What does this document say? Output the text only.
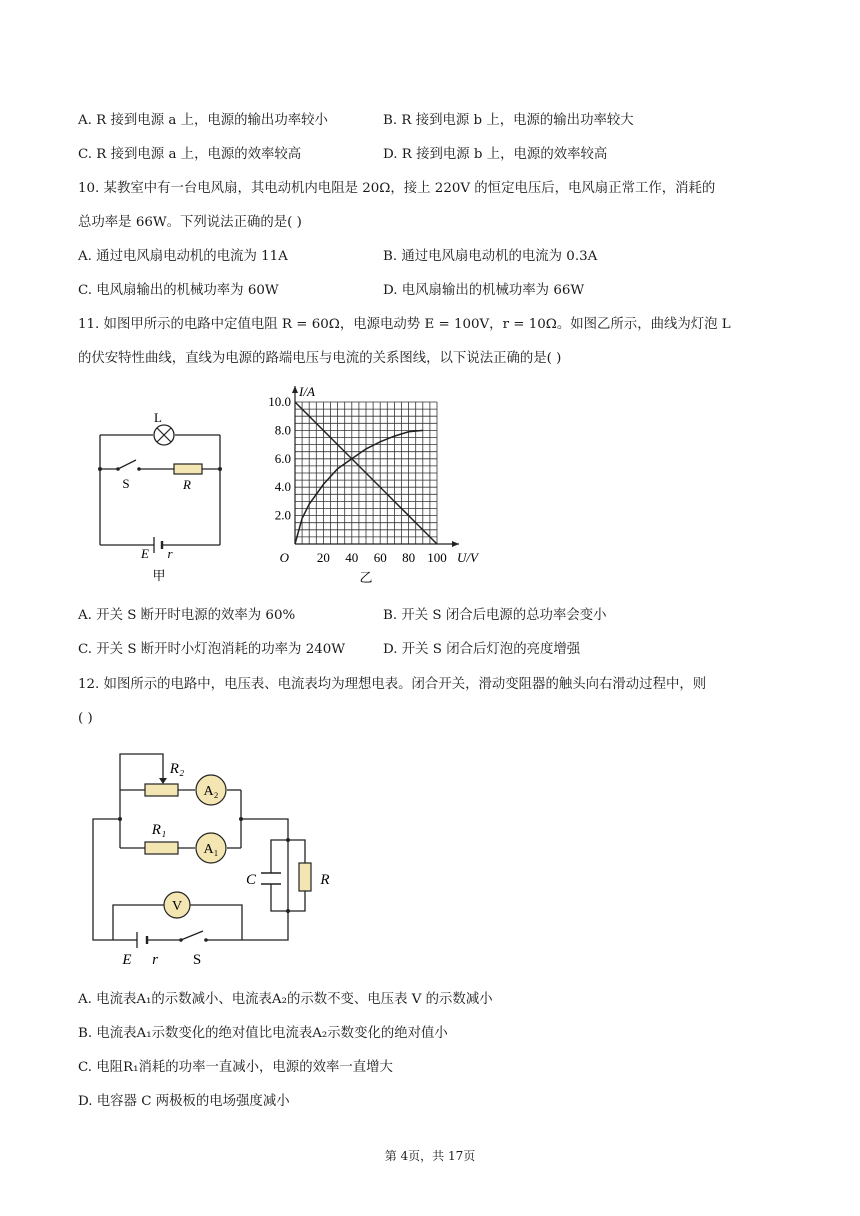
A. R 接到电源 a 上，电源的输出功率较小	B. R 接到电源 b 上，电源的输出功率较大
C. R 接到电源 a 上，电源的效率较高	D. R 接到电源 b 上，电源的效率较高
10. 某教室中有一台电风扇，其电动机内电阻是 20Ω，接上 220V 的恒定电压后，电风扇正常工作，消耗的
总功率是 66W。下列说法正确的是( )
A. 通过电风扇电动机的电流为 11A	B. 通过电风扇电动机的电流为 0.3A
C. 电风扇输出的机械功率为 60W	D. 电风扇输出的机械功率为 66W
11. 如图甲所示的电路中定值电阻 R = 60Ω，电源电动势 E = 100V，r = 10Ω。如图乙所示，曲线为灯泡 L
的伏安特性曲线，直线为电源的路端电压与电流的关系图线，以下说法正确的是( )
L
S	R
E r
甲
2.0
4.0
6.0
8.0
10.0
20 40 60 80 100
O
I/A
U/V
乙
A. 开关 S 断开时电源的效率为 60%	B. 开关 S 闭合后电源的总功率会变小
C. 开关 S 断开时小灯泡消耗的功率为 240W	D. 开关 S 闭合后灯泡的亮度增强
12. 如图所示的电路中，电压表、电流表均为理想电表。闭合开关，滑动变阻器的触头向右滑动过程中，则
( )
R₂
A₂
R₁
A₁
V
C	R
E r S
A. 电流表A₁的示数减小、电流表A₂的示数不变、电压表 V 的示数减小
B. 电流表A₁示数变化的绝对值比电流表A₂示数变化的绝对值小
C. 电阻R₁消耗的功率一直减小，电源的效率一直增大
D. 电容器 C 两极板的电场强度减小
第 4页，共 17页
